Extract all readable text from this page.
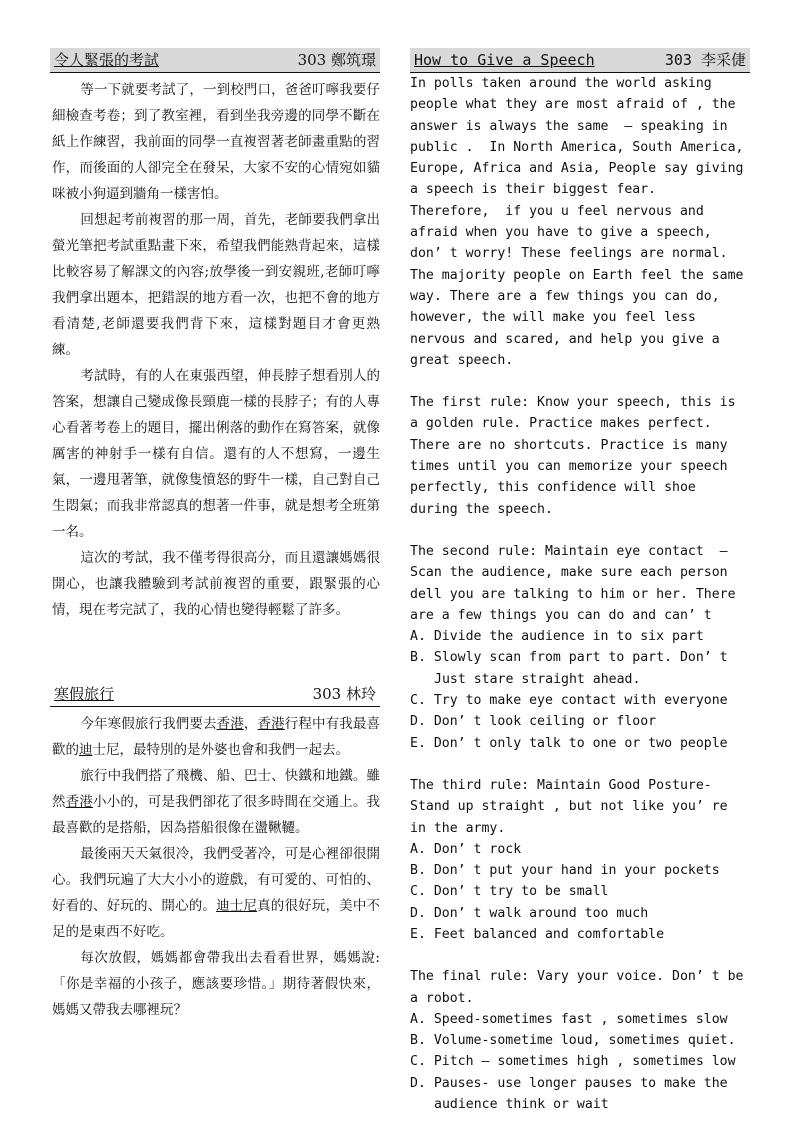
令人緊張的考試	303 鄭筑璟

等一下就要考試了，一到校門口，爸爸叮嚀我要仔細檢查考卷；到了教室裡，看到坐我旁邊的同學不斷在紙上作練習，我前面的同學一直複習著老師畫重點的習作，而後面的人卻完全在發呆，大家不安的心情宛如貓咪被小狗逼到牆角一樣害怕。

回想起考前複習的那一周，首先，老師要我們拿出螢光筆把考試重點畫下來，希望我們能熟背起來，這樣比較容易了解課文的內容;放學後一到安親班,老師叮嚀我們拿出題本，把錯誤的地方看一次，也把不會的地方看清楚,老師還要我們背下來，這樣對題目才會更熟練。

考試時，有的人在東張西望，伸長脖子想看別人的答案，想讓自己變成像長頸鹿一樣的長脖子；有的人專心看著考卷上的題目，擺出俐落的動作在寫答案，就像厲害的神射手一樣有自信。還有的人不想寫，一邊生氣，一邊甩著筆，就像隻憤怒的野牛一樣，自己對自己生悶氣；而我非常認真的想著一件事，就是想考全班第一名。

這次的考試，我不僅考得很高分，而且還讓媽媽很開心，也讓我體驗到考試前複習的重要，跟緊張的心情，現在考完試了，我的心情也變得輕鬆了許多。

寒假旅行	303 林玲

今年寒假旅行我們要去香港，香港行程中有我最喜歡的迪士尼，最特別的是外婆也會和我們一起去。

旅行中我們搭了飛機、船、巴士、快鐵和地鐵。雖然香港小小的，可是我們卻花了很多時間在交通上。我最喜歡的是搭船，因為搭船很像在盪鞦韆。

最後兩天天氣很冷，我們受著冷，可是心裡卻很開心。我們玩遍了大大小小的遊戲，有可愛的、可怕的、好看的、好玩的、開心的。迪士尼真的很好玩，美中不足的是東西不好吃。

每次放假，媽媽都會帶我出去看看世界，媽媽說:「你是幸福的小孩子，應該要珍惜。」期待著假快來，媽媽又帶我去哪裡玩？

How to Give a Speech	303 李采倢

In polls taken around the world asking people what they are most afraid of , the answer is always the same  – speaking in public .  In North America, South America, Europe, Africa and Asia, People say giving a speech is their biggest fear.  Therefore,  if you u feel nervous and afraid when you have to give a speech, don’ t worry! These feelings are normal. The majority people on Earth feel the same way. There are a few things you can do, however, the will make you feel less nervous and scared, and help you give a great speech.

The first rule: Know your speech, this is a golden rule. Practice makes perfect. There are no shortcuts. Practice is many times until you can memorize your speech perfectly, this confidence will shoe during the speech.

The second rule: Maintain eye contact  – Scan the audience, make sure each person dell you are talking to him or her. There are a few things you can do and can’ t

A. Divide the audience in to six part
B. Slowly scan from part to part. Don’ t Just stare straight ahead.
C. Try to make eye contact with everyone
D. Don’ t look ceiling or floor
E. Don’ t only talk to one or two people

The third rule: Maintain Good Posture-Stand up straight , but not like you’ re in the army.

A. Don’ t rock
B. Don’ t put your hand in your pockets
C. Don’ t try to be small
D. Don’ t walk around too much
E. Feet balanced and comfortable

The final rule: Vary your voice. Don’ t be a robot.

A. Speed-sometimes fast , sometimes slow
B. Volume-sometime loud, sometimes quiet.
C. Pitch – sometimes high , sometimes low
D. Pauses- use longer pauses to make the audience think or wait
